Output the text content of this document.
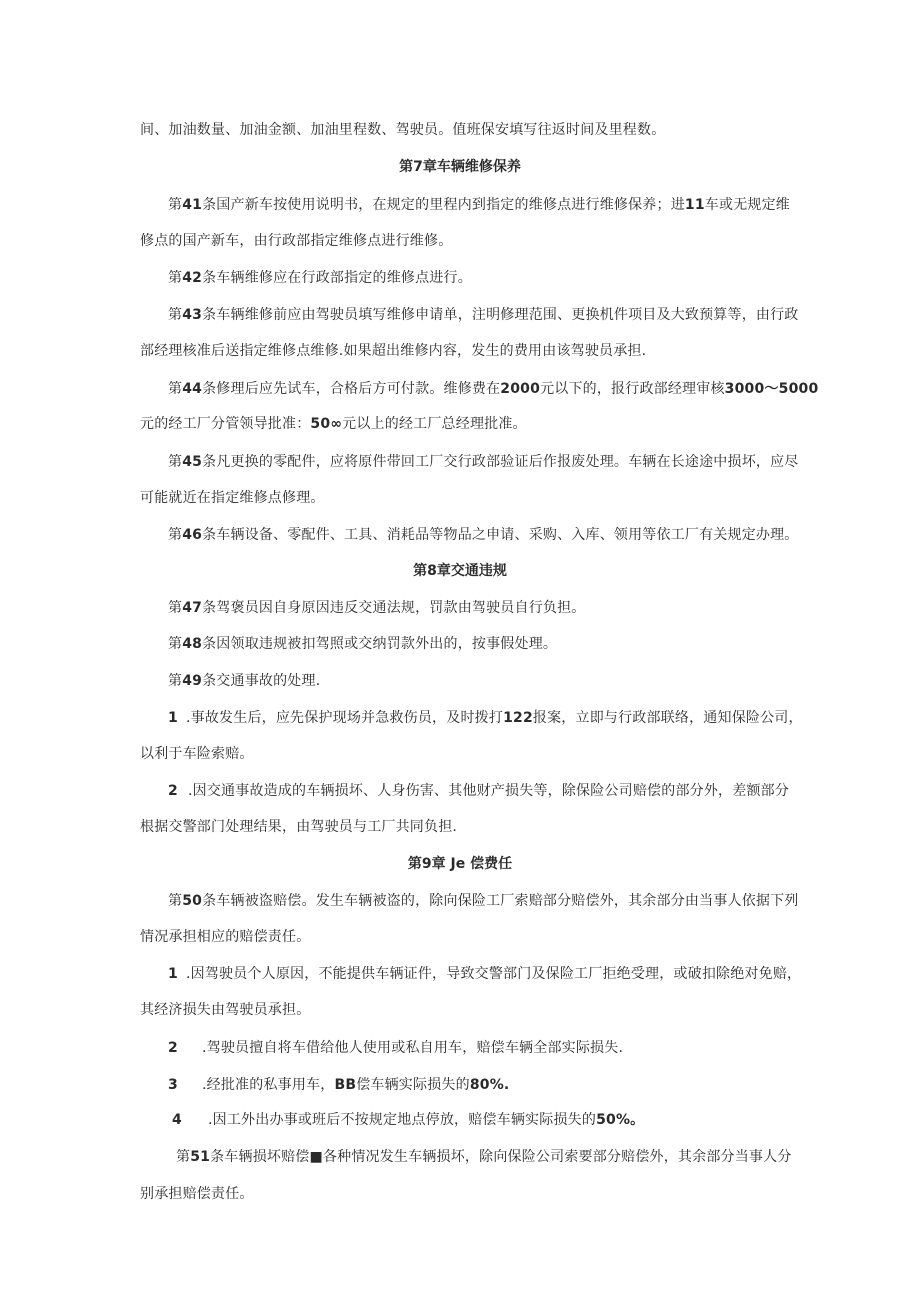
间、加油数量、加油金额、加油里程数、驾驶员。值班保安填写往返时间及里程数。
第7章车辆维修保养
第41条国产新车按使用说明书，在规定的里程内到指定的维修点进行维修保养；进11车或无规定维
修点的国产新车，由行政部指定维修点进行维修。
第42条车辆维修应在行政部指定的维修点进行。
第43条车辆维修前应由驾驶员填写维修申请单，注明修理范围、更换机件项目及大致预算等，由行政
部经理核准后送指定维修点维修.如果超出维修内容，发生的费用由该驾驶员承担.
第44条修理后应先试车，合格后方可付款。维修费在2000元以下的，报行政部经理审核3000～5000
元的经工厂分管领导批准：50∞元以上的经工厂总经理批准。
第45条凡更换的零配件，应将原件带回工厂交行政部验证后作报废处理。车辆在长途途中损坏，应尽
可能就近在指定维修点修理。
第46条车辆设备、零配件、工具、消耗品等物品之申请、采购、入库、领用等依工厂有关规定办理。
第8章交通违规
第47条驾褒员因自身原因违反交通法规，罚款由驾驶员自行负担。
第48条因领取违规被扣驾照或交纳罚款外出的，按事假处理。
第49条交通事故的处理.
1 .事故发生后，应先保护现场并急救伤员，及时拨打122报案，立即与行政部联络，通知保险公司，
以利于车险索赔。
2 .因交通事故造成的车辆损坏、人身伤害、其他财产损失等，除保险公司赔偿的部分外，差额部分
根据交警部门处理结果，由驾驶员与工厂共同负担.
第9章 Je 偿费任
第50条车辆被盗赔偿。发生车辆被盗的，除向保险工厂索赔部分赔偿外，其余部分由当事人依据下列
情况承担相应的赔偿责任。
1 .因驾驶员个人原因，不能提供车辆证件，导致交警部门及保险工厂拒绝受理，或破扣除绝对免赔，
其经济损失由驾驶员承担。
2 .驾驶员擅自将车借给他人使用或私自用车，赔偿车辆全部实际损失.
3 .经批准的私事用车，BB偿车辆实际损失的80%.
4 .因工外出办事或班后不按规定地点停放，赔偿车辆实际损失的50%。
第51条车辆损坏赔偿■各种情况发生车辆损坏，除向保险公司索要部分赔偿外，其余部分当事人分
别承担赔偿责任。
